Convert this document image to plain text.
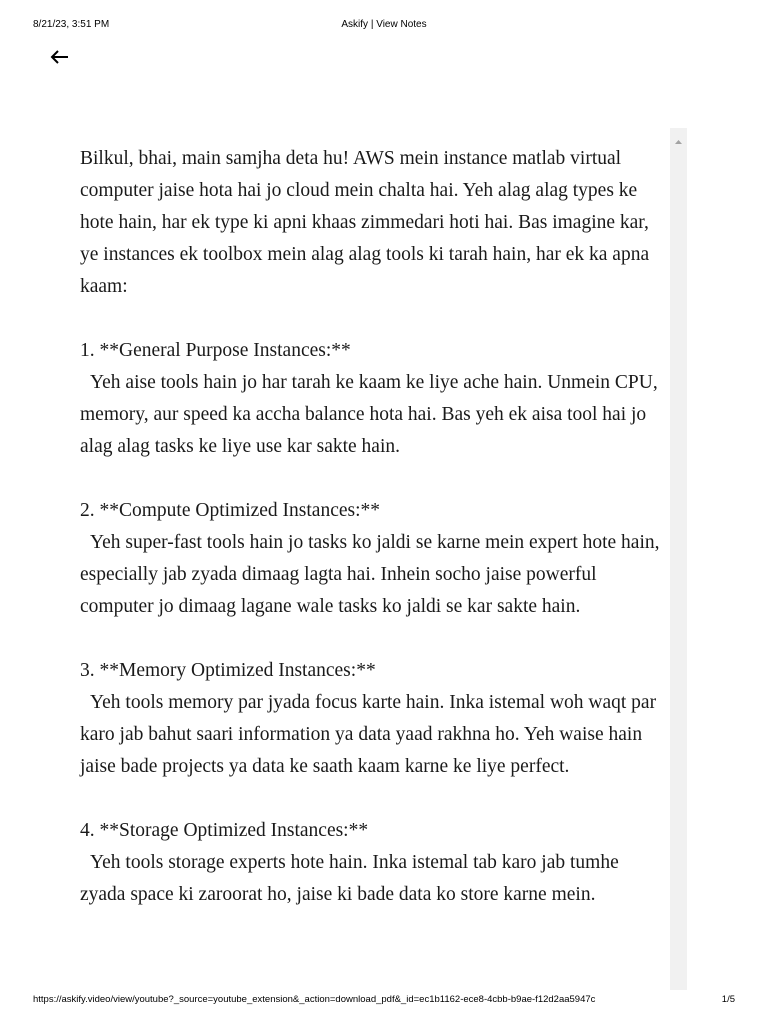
8/21/23, 3:51 PM	Askify | View Notes

Bilkul, bhai, main samjha deta hu! AWS mein instance matlab virtual computer jaise hota hai jo cloud mein chalta hai. Yeh alag alag types ke hote hain, har ek type ki apni khaas zimmedari hoti hai. Bas imagine kar, ye instances ek toolbox mein alag alag tools ki tarah hain, har ek ka apna kaam:

1. **General Purpose Instances:**
Yeh aise tools hain jo har tarah ke kaam ke liye ache hain. Unmein CPU, memory, aur speed ka accha balance hota hai. Bas yeh ek aisa tool hai jo alag alag tasks ke liye use kar sakte hain.

2. **Compute Optimized Instances:**
Yeh super-fast tools hain jo tasks ko jaldi se karne mein expert hote hain, especially jab zyada dimaag lagta hai. Inhein socho jaise powerful computer jo dimaag lagane wale tasks ko jaldi se kar sakte hain.

3. **Memory Optimized Instances:**
Yeh tools memory par jyada focus karte hain. Inka istemal woh waqt par karo jab bahut saari information ya data yaad rakhna ho. Yeh waise hain jaise bade projects ya data ke saath kaam karne ke liye perfect.

4. **Storage Optimized Instances:**
Yeh tools storage experts hote hain. Inka istemal tab karo jab tumhe zyada space ki zaroorat ho, jaise ki bade data ko store karne mein.

https://askify.video/view/youtube?_source=youtube_extension&_action=download_pdf&_id=ec1b1162-ece8-4cbb-b9ae-f12d2aa5947c	1/5
